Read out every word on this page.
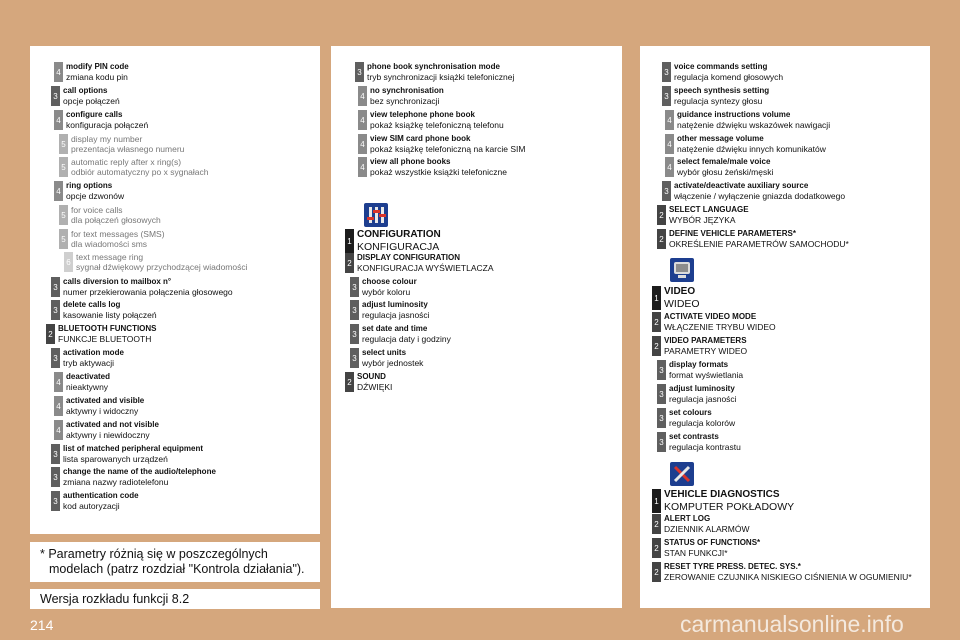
* Parametry różnią się w poszczególnych
modelach (patrz rozdział "Kontrola działania").
Wersja rozkładu funkcji 8.2
214	carmanualsonline.info
4
modify PIN code
zmiana kodu pin
3
call options
opcje połączeń
4
configure calls
konfiguracja połączeń
5 display my number
prezentacja własnego numeru
5 automatic reply after x ring(s)
odbiór automatyczny po x sygnałach
4
ring options
opcje dzwonów
5 for voice calls
dla połączeń głosowych
5 for text messages (SMS)
dla wiadomości sms
6 text message ring
sygnał dźwiękowy przychodzącej wiadomości
3
calls diversion to mailbox n°
numer przekierowania połączenia głosowego
3
delete calls log
kasowanie listy połączeń
2
BLUETOOTH FUNCTIONS
FUNKCJE BLUETOOTH
3
activation mode
tryb aktywacji
4
deactivated
nieaktywny
4
activated and visible
aktywny i widoczny
4
activated and not visible
aktywny i niewidoczny
3
list of matched peripheral equipment
lista sparowanych urządzeń
3
change the name of the audio/telephone
zmiana nazwy radiotelefonu
3
authentication code
kod autoryzacji
3
phone book synchronisation mode
tryb synchronizacji książki telefonicznej
4
no synchronisation
bez synchronizacji
4
view telephone phone book
pokaż książkę telefoniczną telefonu
4
view SIM card phone book
pokaż książkę telefoniczną na karcie SIM
4
view all phone books
pokaż wszystkie książki telefoniczne
1
CONFIGURATION
KONFIGURACJA
2
DISPLAY CONFIGURATION
KONFIGURACJA WYŚWIETLACZA
3
choose colour
wybór koloru
3
adjust luminosity
regulacja jasności
3
set date and time
regulacja daty i godziny
3
select units
wybór jednostek
2
SOUND
DŹWIĘKI
3
voice commands setting
regulacja komend głosowych
3
speech synthesis setting
regulacja syntezy głosu
4
guidance instructions volume
natężenie dźwięku wskazówek nawigacji
4
other message volume
natężenie dźwięku innych komunikatów
4
select female/male voice
wybór głosu żeński/męski
3
activate/deactivate auxiliary source
włączenie / wyłączenie gniazda dodatkowego
2
SELECT LANGUAGE
WYBÓR JĘZYKA
2
DEFINE VEHICLE PARAMETERS*
OKREŚLENIE PARAMETRÓW SAMOCHODU*
1
VIDEO
WIDEO
2
ACTIVATE VIDEO MODE
WŁĄCZENIE TRYBU WIDEO
2
VIDEO PARAMETERS
PARAMETRY WIDEO
3
display formats
format wyświetlania
3
adjust luminosity
regulacja jasności
3
set colours
regulacja kolorów
3
set contrasts
regulacja kontrastu
1
VEHICLE DIAGNOSTICS
KOMPUTER POKŁADOWY
2
ALERT LOG
DZIENNIK ALARMÓW
2
STATUS OF FUNCTIONS*
STAN FUNKCJI*
2
RESET TYRE PRESS. DETEC. SYS.*
ZEROWANIE CZUJNIKA NISKIEGO CIŚNIENIA W OGUMIENIU*
